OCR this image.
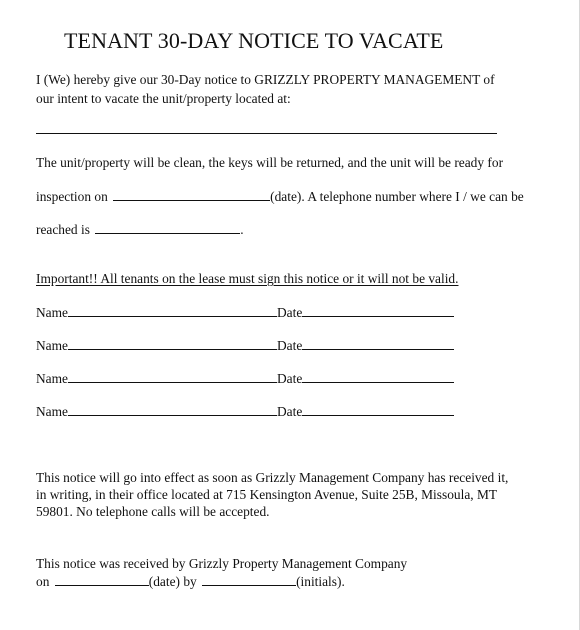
TENANT 30-DAY NOTICE TO VACATE
I (We) hereby give our 30-Day notice to GRIZZLY PROPERTY MANAGEMENT of
our intent to vacate the unit/property located at:
The unit/property will be clean, the keys will be returned, and the unit will be ready for
inspection on	(date). A telephone number where I / we can be
reached is	.
Important!! All tenants on the lease must sign this notice or it will not be valid.
Name	Date
Name	Date
Name	Date
Name	Date
This notice will go into effect as soon as Grizzly Management Company has received it,
in writing, in their office located at 715 Kensington Avenue, Suite 25B, Missoula, MT
59801. No telephone calls will be accepted.
This notice was received by Grizzly Property Management Company
on	(date) by	(initials).
